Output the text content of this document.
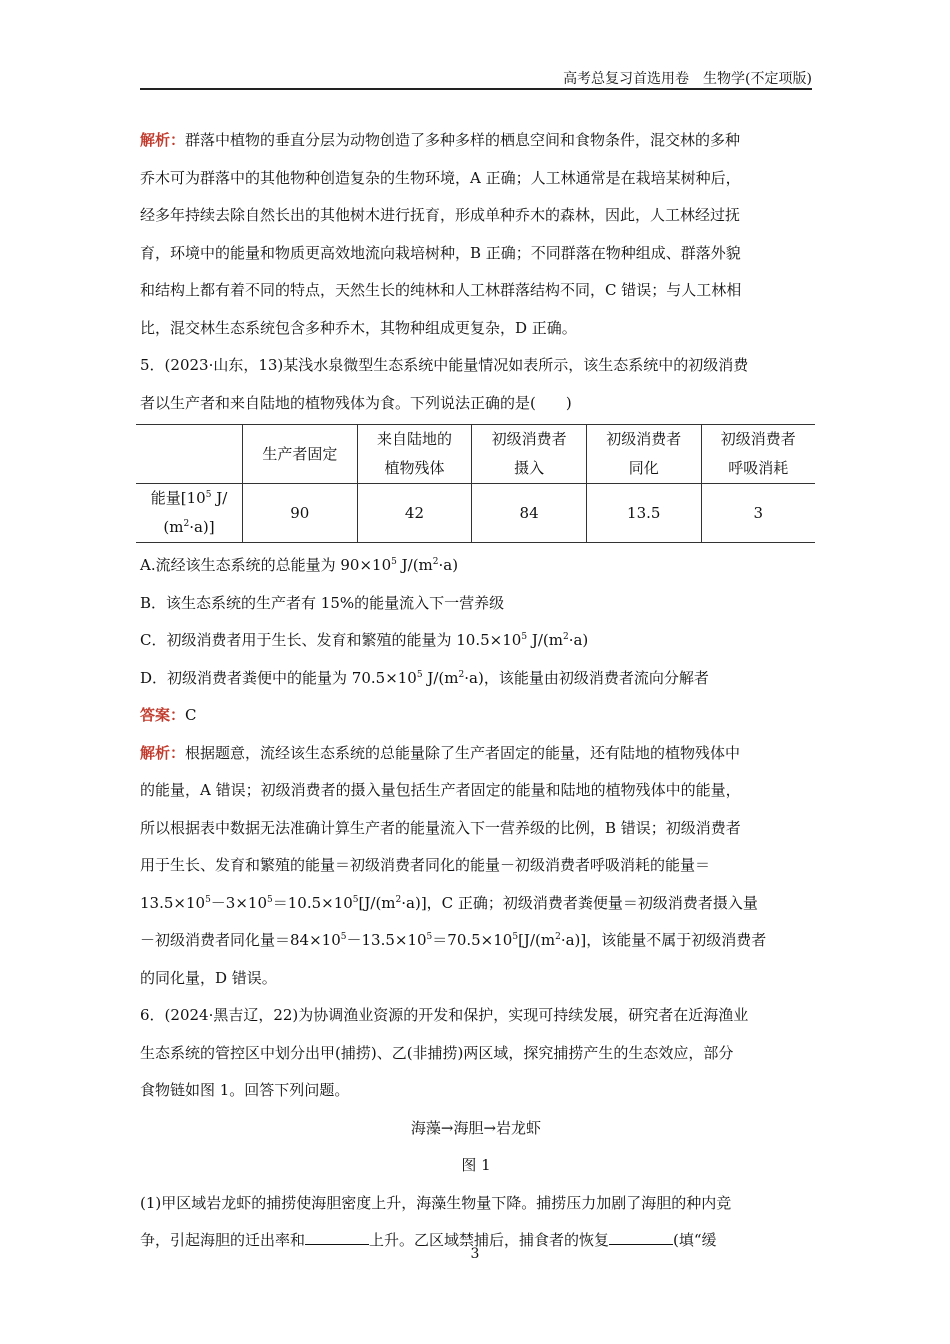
高考总复习首选用卷　生物学(不定项版)

解析：群落中植物的垂直分层为动物创造了多种多样的栖息空间和食物条件，混交林的多种

乔木可为群落中的其他物种创造复杂的生物环境，A 正确；人工林通常是在栽培某树种后，

经多年持续去除自然长出的其他树木进行抚育，形成单种乔木的森林，因此，人工林经过抚

育，环境中的能量和物质更高效地流向栽培树种，B 正确；不同群落在物种组成、群落外貌

和结构上都有着不同的特点，天然生长的纯林和人工林群落结构不同，C 错误；与人工林相

比，混交林生态系统包含多种乔木，其物种组成更复杂，D 正确。

5．(2023·山东，13)某浅水泉微型生态系统中能量情况如表所示，该生态系统中的初级消费

者以生产者和来自陆地的植物残体为食。下列说法正确的是(　　)

	生产者固定	来自陆地的
植物残体	初级消费者
摄入	初级消费者
同化	初级消费者
呼吸消耗
能量[$10^5$ J/
$(m^2\cdot a)$]	90	42	84	13.5	3

A.流经该生态系统的总能量为 $90\times 10^5$ $J/(m^2\cdot a)$

B．该生态系统的生产者有 15%的能量流入下一营养级

C．初级消费者用于生长、发育和繁殖的能量为 $10.5\times 10^5$ $J/(m^2\cdot a)$

D．初级消费者粪便中的能量为 $70.5\times 10^5$ $J/(m^2\cdot a)$，该能量由初级消费者流向分解者

答案：C

解析：根据题意，流经该生态系统的总能量除了生产者固定的能量，还有陆地的植物残体中

的能量，A 错误；初级消费者的摄入量包括生产者固定的能量和陆地的植物残体中的能量，

所以根据表中数据无法准确计算生产者的能量流入下一营养级的比例，B 错误；初级消费者

用于生长、发育和繁殖的能量＝初级消费者同化的能量－初级消费者呼吸消耗的能量＝

$13.5\times 10^5-3\times 10^5=10.5\times 10^5[J/(m^2\cdot a)]$，C 正确；初级消费者粪便量＝初级消费者摄入量

－初级消费者同化量$=84\times 10^5-13.5\times 10^5=70.5\times 10^5[J/(m^2\cdot a)]$，该能量不属于初级消费者

的同化量，D 错误。

6．(2024·黑吉辽，22)为协调渔业资源的开发和保护，实现可持续发展，研究者在近海渔业

生态系统的管控区中划分出甲(捕捞)、乙(非捕捞)两区域，探究捕捞产生的生态效应，部分

食物链如图 1。回答下列问题。

海藻→海胆→岩龙虾

图 1

(1)甲区域岩龙虾的捕捞使海胆密度上升，海藻生物量下降。捕捞压力加剧了海胆的种内竞

争，引起海胆的迁出率和	上升。乙区域禁捕后，捕食者的恢复	(填“缓

3
